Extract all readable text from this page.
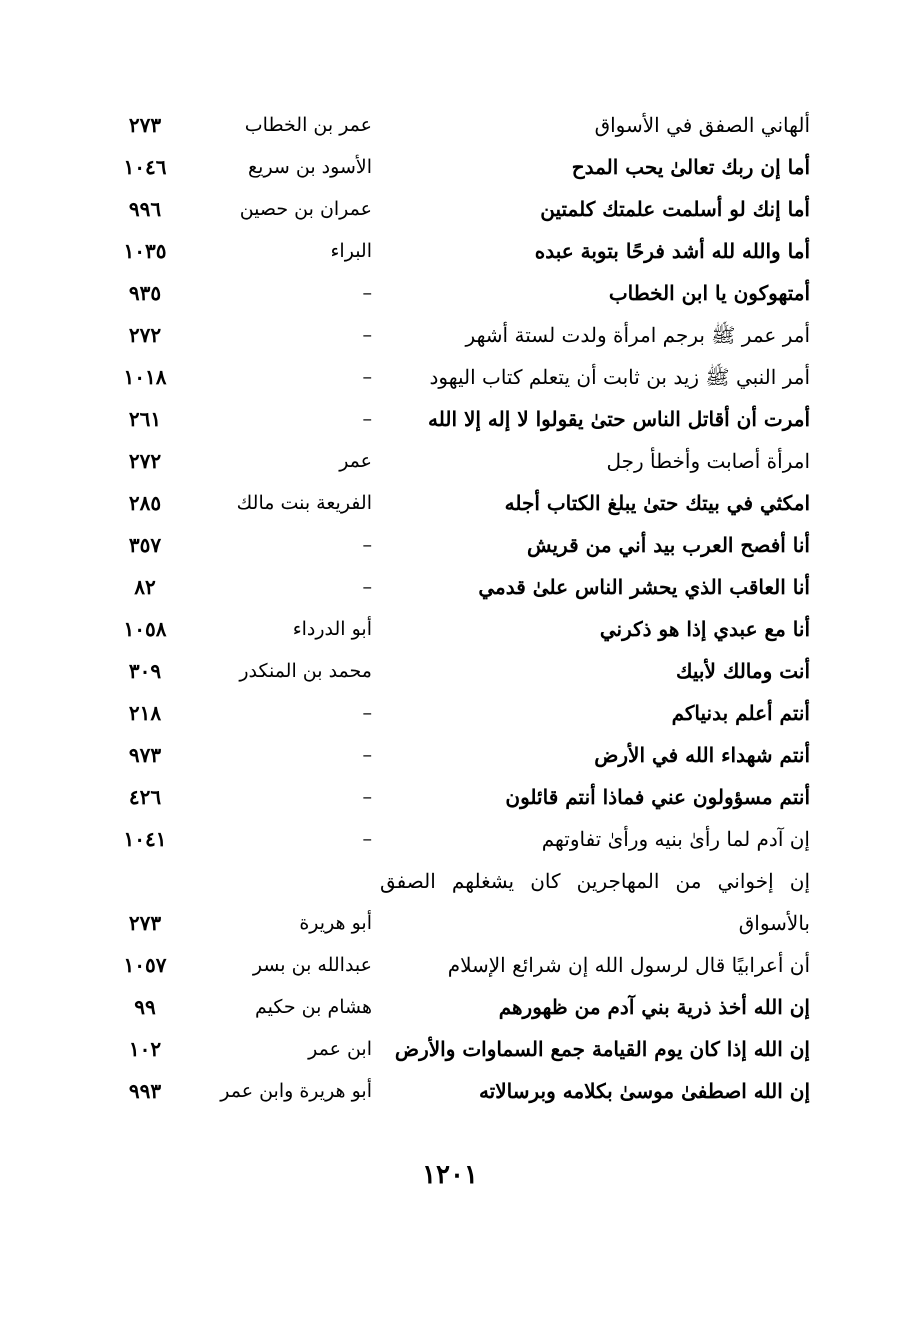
ألهاني الصفق في الأسواق
عمر بن الخطاب
٢٧٣
أما إن ربك تعالىٰ يحب المدح
الأسود بن سريع
١٠٤٦
أما إنك لو أسلمت علمتك كلمتين
عمران بن حصين
٩٩٦
أما والله لله أشد فرحًا بتوبة عبده
البراء
١٠٣٥
أمتهوكون يا ابن الخطاب
–
٩٣٥
أمر عمر ﷺ برجم امرأة ولدت لستة أشهر
–
٢٧٢
أمر النبي ﷺ زيد بن ثابت أن يتعلم كتاب اليهود
–
١٠١٨
أمرت أن أقاتل الناس حتىٰ يقولوا لا إله إلا الله
–
٢٦١
امرأة أصابت وأخطأ رجل
عمر
٢٧٢
امكثي في بيتك حتىٰ يبلغ الكتاب أجله
الفريعة بنت مالك
٢٨٥
أنا أفصح العرب بيد أني من قريش
–
٣٥٧
أنا العاقب الذي يحشر الناس علىٰ قدمي
–
٨٢
أنا مع عبدي إذا هو ذكرني
أبو الدرداء
١٠٥٨
أنت ومالك لأبيك
محمد بن المنكدر
٣٠٩
أنتم أعلم بدنياكم
–
٢١٨
أنتم شهداء الله في الأرض
–
٩٧٣
أنتم مسؤولون عني فماذا أنتم قائلون
–
٤٢٦
إن آدم لما رأىٰ بنيه ورأىٰ تفاوتهم
–
١٠٤١
إن إخواني من المهاجرين كان يشغلهم الصفق بالأسواق
أبو هريرة
٢٧٣
أن أعرابيًا قال لرسول الله إن شرائع الإسلام
عبدالله بن بسر
١٠٥٧
إن الله أخذ ذرية بني آدم من ظهورهم
هشام بن حكيم
٩٩
إن الله إذا كان يوم القيامة جمع السماوات والأرض
ابن عمر
١٠٢
إن الله اصطفىٰ موسىٰ بكلامه وبرسالاته
أبو هريرة وابن عمر
٩٩٣
١٢٠١
